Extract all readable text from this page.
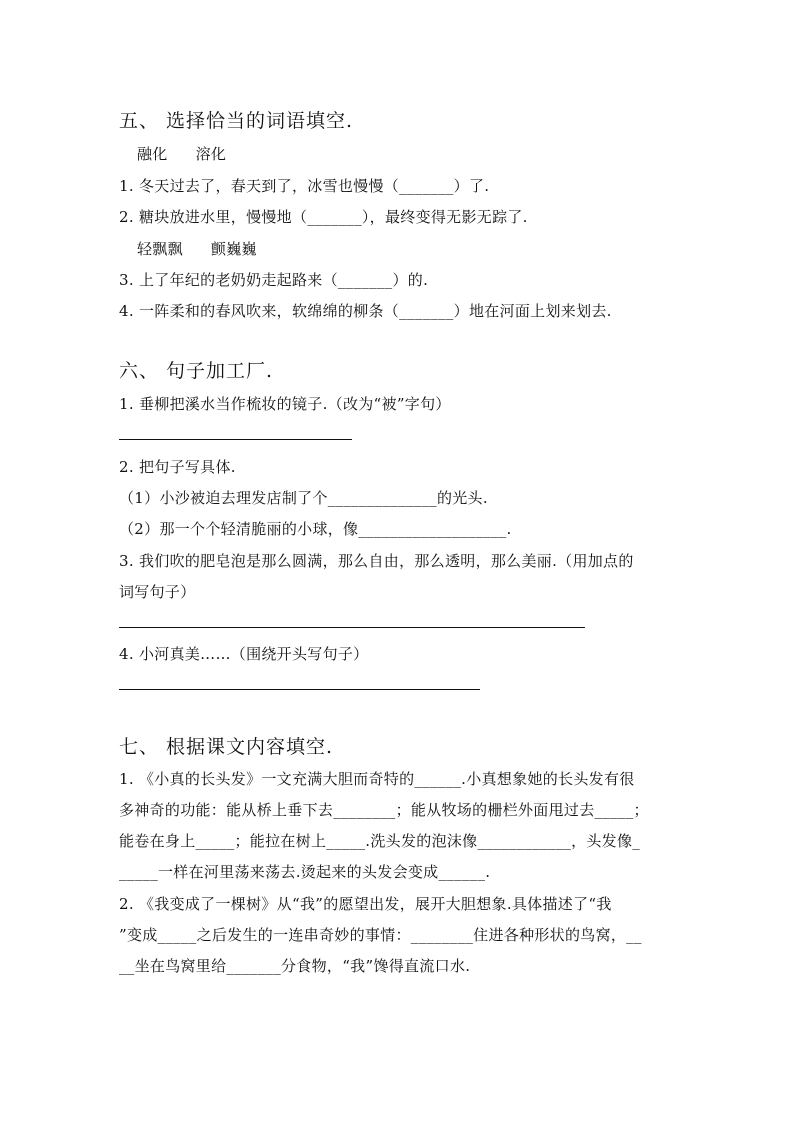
五、 选择恰当的词语填空.
融化 溶化
1. 冬天过去了，春天到了，冰雪也慢慢（_______）了.
2. 糖块放进水里，慢慢地（_______），最终变得无影无踪了.
轻飘飘 颤巍巍
3. 上了年纪的老奶奶走起路来（_______）的.
4. 一阵柔和的春风吹来，软绵绵的柳条（_______）地在河面上划来划去.
六、 句子加工厂.
1. 垂柳把溪水当作梳妆的镜子.（改为“被”字句）
2. 把句子写具体.
（1）小沙被迫去理发店制了个______________的光头.
（2）那一个个轻清脆丽的小球，像___________________.
3. 我们吹的肥皂泡是那么圆满，那么自由，那么透明，那么美丽.（用加点的
词写句子）
4. 小河真美……（围绕开头写句子）
七、 根据课文内容填空.
1. 《小真的长头发》一文充满大胆而奇特的______.小真想象她的长头发有很
多神奇的功能：能从桥上垂下去________；能从牧场的栅栏外面甩过去_____；
能卷在身上_____；能拉在树上_____.洗头发的泡沫像____________，头发像_
_____一样在河里荡来荡去.烫起来的头发会变成______.
2. 《我变成了一棵树》从“我”的愿望出发，展开大胆想象.具体描述了“我
”变成_____之后发生的一连串奇妙的事情：________住进各种形状的鸟窝，__
__坐在鸟窝里给_______分食物，“我”馋得直流口水.
